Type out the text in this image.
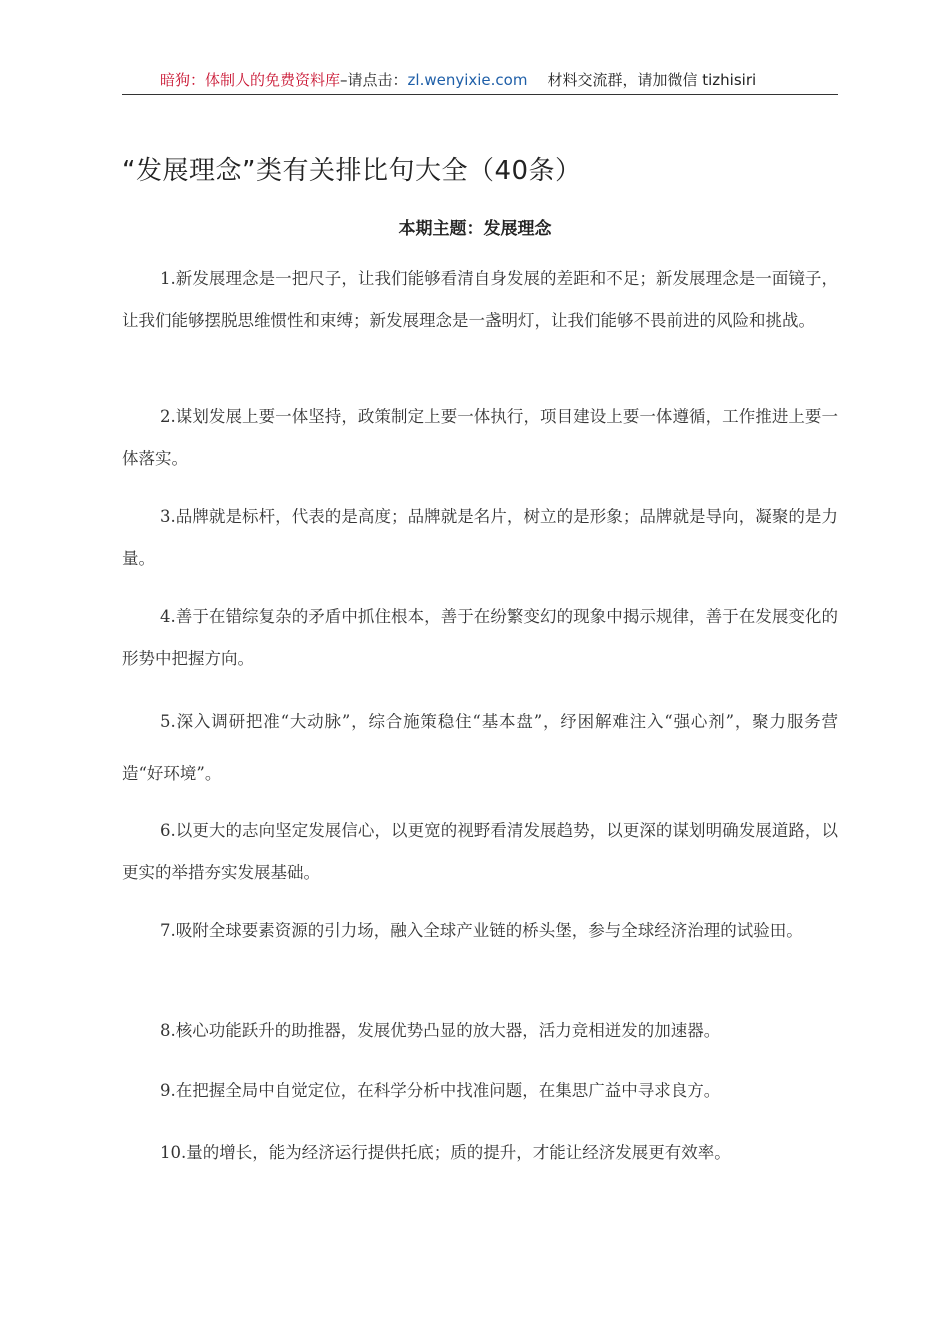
暗狗：体制人的免费资料库–请点击：zl.wenyixie.com 材料交流群，请加微信 tizhisiri
“发展理念”类有关排比句大全（40条）
本期主题：发展理念

1.新发展理念是一把尺子，让我们能够看清自身发展的差距和不足；新发展理念是一面镜子，让我们能够摆脱思维惯性和束缚；新发展理念是一盏明灯，让我们能够不畏前进的风险和挑战。

2.谋划发展上要一体坚持，政策制定上要一体执行，项目建设上要一体遵循，工作推进上要一体落实。

3.品牌就是标杆，代表的是高度；品牌就是名片，树立的是形象；品牌就是导向，凝聚的是力量。

4.善于在错综复杂的矛盾中抓住根本，善于在纷繁变幻的现象中揭示规律，善于在发展变化的形势中把握方向。

5.深入调研把准“大动脉”，综合施策稳住“基本盘”，纾困解难注入“强心剂”，聚力服务营造“好环境”。

6.以更大的志向坚定发展信心，以更宽的视野看清发展趋势，以更深的谋划明确发展道路，以更实的举措夯实发展基础。

7.吸附全球要素资源的引力场，融入全球产业链的桥头堡，参与全球经济治理的试验田。

8.核心功能跃升的助推器，发展优势凸显的放大器，活力竞相迸发的加速器。

9.在把握全局中自觉定位，在科学分析中找准问题，在集思广益中寻求良方。

10.量的增长，能为经济运行提供托底；质的提升，才能让经济发展更有效率。
